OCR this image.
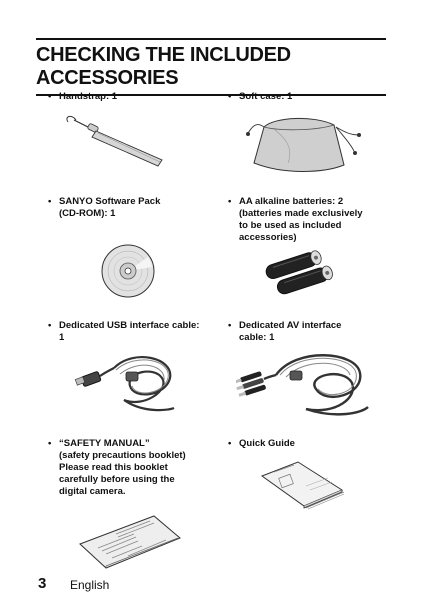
CHECKING THE INCLUDED ACCESSORIES
• Handstrap: 1	• Soft case: 1
• SANYO Software Pack
(CD-ROM): 1
• AA alkaline batteries: 2
(batteries made exclusively
to be used as included
accessories)
• Dedicated USB interface cable:
1
• Dedicated AV interface
cable: 1
• “SAFETY MANUAL”
(safety precautions booklet)
Please read this booklet
carefully before using the
digital camera.
• Quick Guide
3 English
